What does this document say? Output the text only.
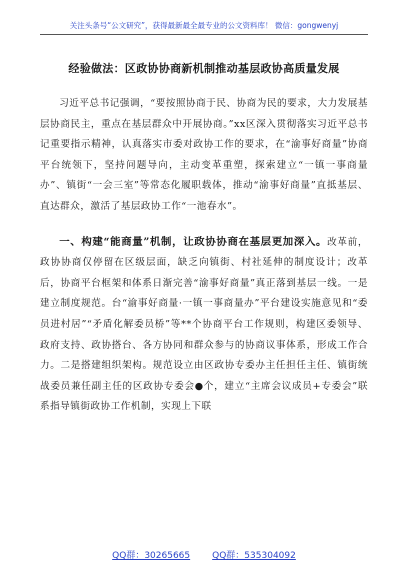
关注头条号“公文研究”，获得最新最全最专业的公文资料库！ 微信：gongwenyj
经验做法：区政协协商新机制推动基层政协高质量发展

习近平总书记强调，“要按照协商于民、协商为民的要求，大力发展基层协商民主，重点在基层群众中开展协商。”xx区深入贯彻落实习近平总书记重要指示精神，认真落实市委对政协工作的要求，在“渝事好商量”协商平台统领下，坚持问题导向，主动变革重塑，探索建立“一镇一事商量办”、镇街“一会三室”等常态化履职载体，推动“渝事好商量”直抵基层、直达群众，激活了基层政协工作“一池春水”。

一、构建“能商量”机制，让政协协商在基层更加深入。改革前，政协协商仅停留在区级层面，缺乏向镇街、村社延伸的制度设计；改革后，协商平台框架和体系日渐完善“渝事好商量”真正落到基层一线。一是建立制度规范。台“渝事好商量·一镇一事商量办”平台建设实施意见和“委员进村居”“矛盾化解委员桥”等**个协商平台工作规则，构建区委领导、政府支持、政协搭台、各方协同和群众参与的协商议事体系，形成工作合力。二是搭建组织架构。规范设立由区政协专委办主任担任主任、镇街统战委员兼任副主任的区政协专委会●个，建立“主席会议成员+专委会”联系指导镇街政协工作机制，实现上下联

QQ群：30265665 QQ群：535304092
